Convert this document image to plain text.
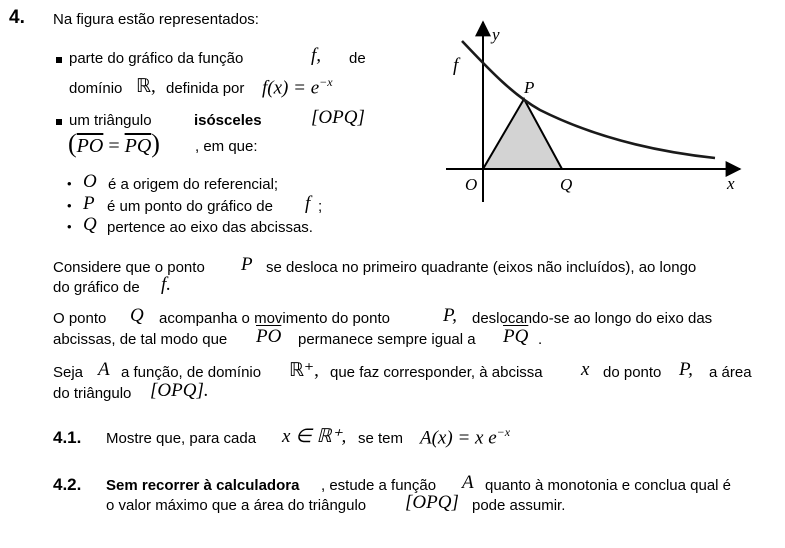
4. Na figura estão representados:
parte do gráfico da função	f, de
domínio ℝ, definida por $f(x) = e^{-x}$
um triângulo	isósceles	[OPQ]
$(\overline{PO} = \overline{PQ})$ , em que:
• O é a origem do referencial;
• P é um ponto do gráfico de f ;
• Q pertence ao eixo das abcissas.
y
x
f
P
O	Q
Considere que o ponto P se desloca no primeiro quadrante (eixos não incluídos), ao longo
do gráfico de f.
O ponto Q acompanha o movimento do ponto	P, deslocando-se ao longo do eixo das
abcissas, de tal modo que $\overline{PO}$ permanece sempre igual a $\overline{PQ}$ .
Seja A a função, de domínio ℝ⁺, que faz corresponder, à abcissa x do ponto P, a área
do triângulo [OPQ].
4.1. Mostre que, para cada x ∈ ℝ⁺, se tem A(x) = x $e^{-x}$
4.2. Sem recorrer à calculadora , estude a função A quanto à monotonia e conclua qual é
o valor máximo que a área do triângulo [OPQ] pode assumir.
